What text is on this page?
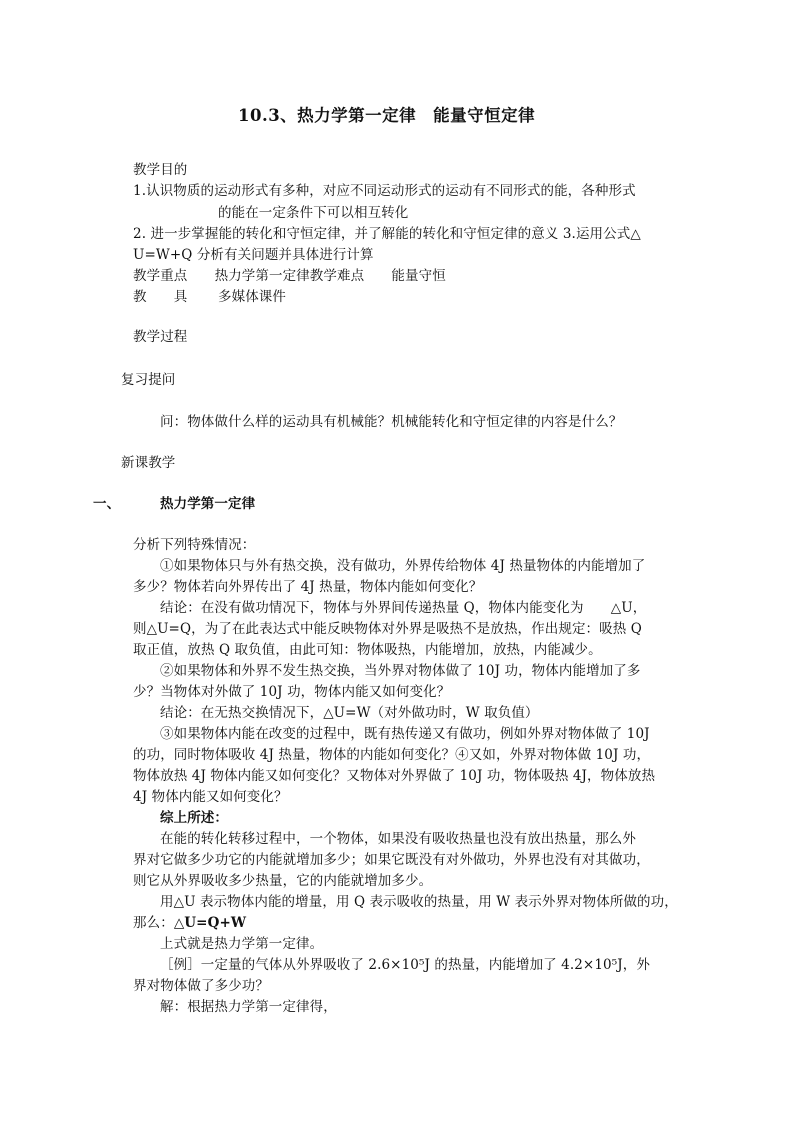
10.3、热力学第一定律　能量守恒定律
教学目的
1.认识物质的运动形式有多种，对应不同运动形式的运动有不同形式的能，各种形式
的能在一定条件下可以相互转化
2. 进一步掌握能的转化和守恒定律，并了解能的转化和守恒定律的意义 3.运用公式△
U=W+Q 分析有关问题并具体进行计算
教学重点　　热力学第一定律教学难点　　能量守恒
教　　具 多媒体课件
教学过程
复习提问
问：物体做什么样的运动具有机械能？机械能转化和守恒定律的内容是什么？
新课教学
一、	热力学第一定律
分析下列特殊情况：
①如果物体只与外有热交换，没有做功，外界传给物体 4J 热量物体的内能增加了
多少？物体若向外界传出了 4J 热量，物体内能如何变化？
结论：在没有做功情况下，物体与外界间传递热量 Q，物体内能变化为　　△U，
则△U=Q，为了在此表达式中能反映物体对外界是吸热不是放热，作出规定：吸热 Q
取正值，放热 Q 取负值，由此可知：物体吸热，内能增加，放热，内能减少。
②如果物体和外界不发生热交换，当外界对物体做了 10J 功，物体内能增加了多
少？当物体对外做了 10J 功，物体内能又如何变化？
结论：在无热交换情况下，△U=W（对外做功时，W 取负值）
③如果物体内能在改变的过程中，既有热传递又有做功，例如外界对物体做了 10J
的功，同时物体吸收 4J 热量，物体的内能如何变化？④又如，外界对物体做 10J 功，
物体放热 4J 物体内能又如何变化？又物体对外界做了 10J 功，物体吸热 4J，物体放热
4J 物体内能又如何变化？
综上所述：
在能的转化转移过程中，一个物体，如果没有吸收热量也没有放出热量，那么外
界对它做多少功它的内能就增加多少；如果它既没有对外做功，外界也没有对其做功，
则它从外界吸收多少热量，它的内能就增加多少。
用△U 表示物体内能的增量，用 Q 表示吸收的热量，用 W 表示外界对物体所做的功，
那么：△U=Q+W
上式就是热力学第一定律。
［例］一定量的气体从外界吸收了 2.6×10⁵J 的热量，内能增加了 4.2×10⁵J，外
界对物体做了多少功？
解：根据热力学第一定律得，
